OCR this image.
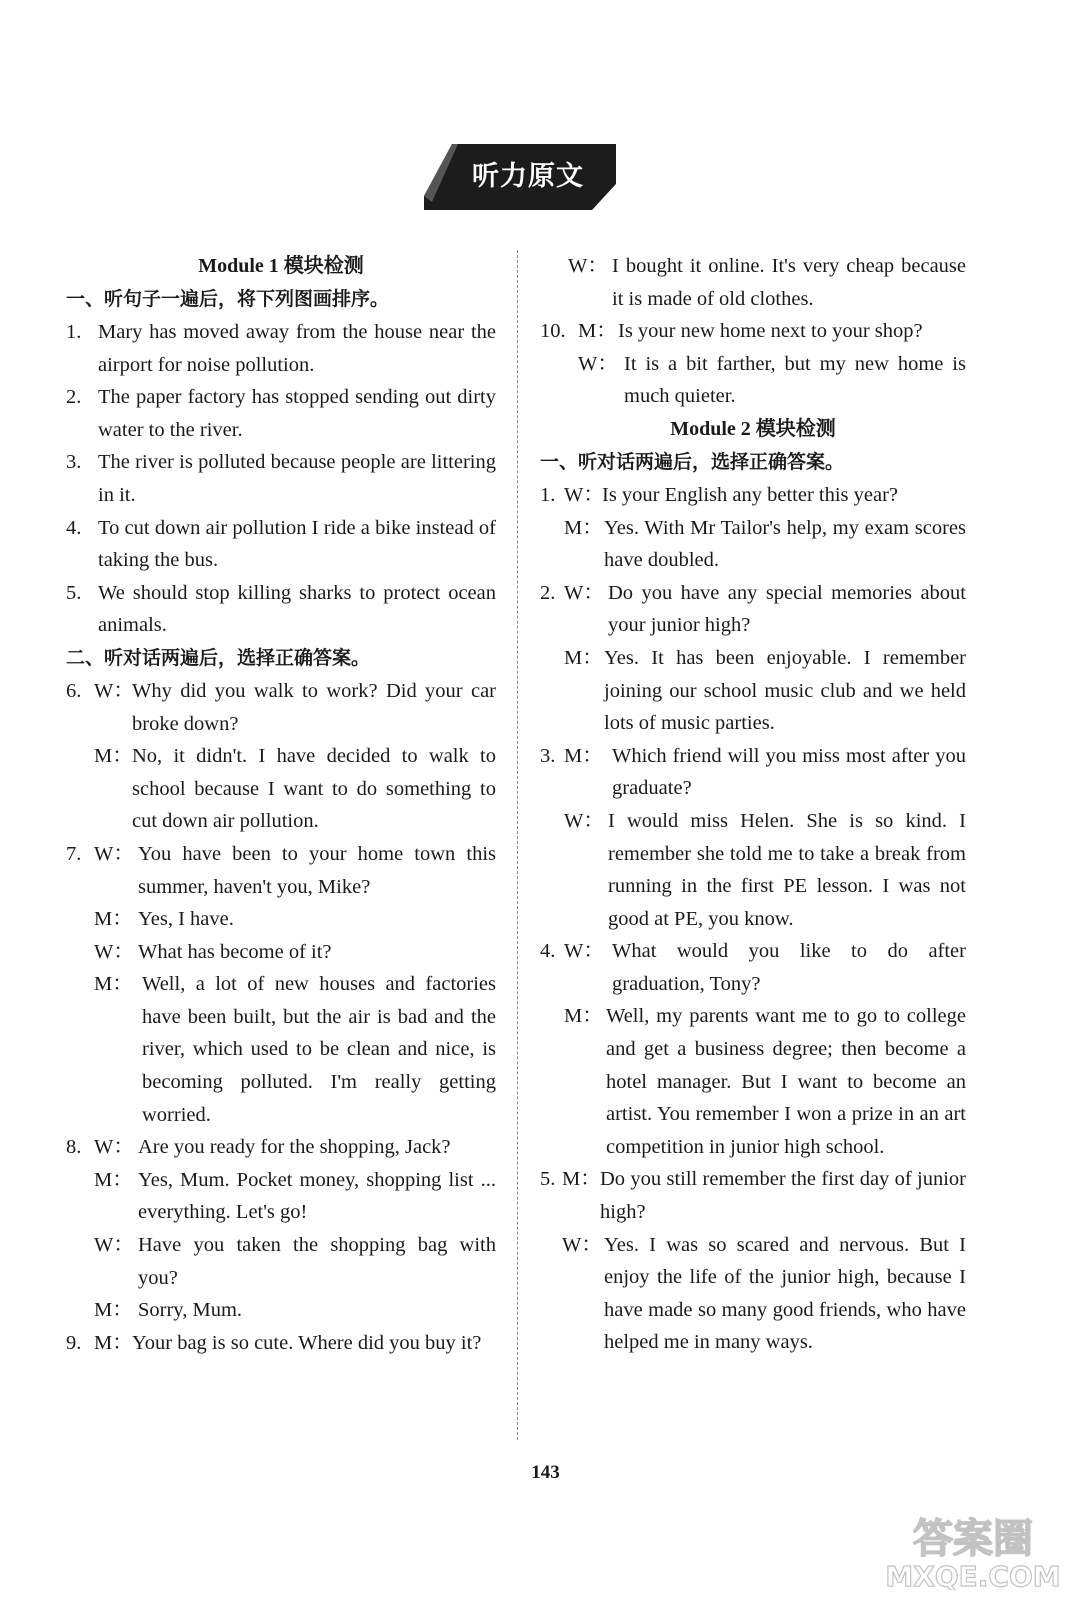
听力原文
Module 1 模块检测
一、听句子一遍后，将下列图画排序。
1. Mary has moved away from the house near the airport for noise pollution.
2. The paper factory has stopped sending out dirty water to the river.
3. The river is polluted because people are littering in it.
4. To cut down air pollution I ride a bike instead of taking the bus.
5. We should stop killing sharks to protect ocean animals.
二、听对话两遍后，选择正确答案。
6. W：
Why did you walk to work? Did your car broke down?
M： No, it didn't. I have decided to walk to school because I want to do something to cut down air pollution.
7. W： You have been to your home town this summer, haven't you, Mike?
M： Yes, I have.
W： What has become of it?
M： Well, a lot of new houses and factories have been built, but the air is bad and the river, which used to be clean and nice, is becoming polluted. I'm really getting worried.
8. W： Are you ready for the shopping, Jack?
M： Yes, Mum. Pocket money, shopping list ... everything. Let's go!
W： Have you taken the shopping bag with you?
M： Sorry, Mum.
9. M： Your bag is so cute. Where did you buy it?
W： I bought it online. It's very cheap because it is made of old clothes.
10. M： Is your new home next to your shop?
W： It is a bit farther, but my new home is much quieter.
Module 2 模块检测
一、听对话两遍后，选择正确答案。
1. W：
Is your English any better this year?
M： Yes. With Mr Tailor's help, my exam scores have doubled.
2. W： Do you have any special memories about your junior high?
M： Yes. It has been enjoyable. I remember joining our school music club and we held lots of music parties.
3. M： Which friend will you miss most after you graduate?
W： I would miss Helen. She is so kind. I remember she told me to take a break from running in the first PE lesson. I was not good at PE, you know.
4. W： What would you like to do after graduation, Tony?
M： Well, my parents want me to go to college and get a business degree; then become a hotel manager. But I want to become an artist. You remember I won a prize in an art competition in junior high school.
5. M： Do you still remember the first day of junior high?
W： Yes. I was so scared and nervous. But I enjoy the life of the junior high, because I have made so many good friends, who have helped me in many ways.
143
答案圈
MXQE.COM
